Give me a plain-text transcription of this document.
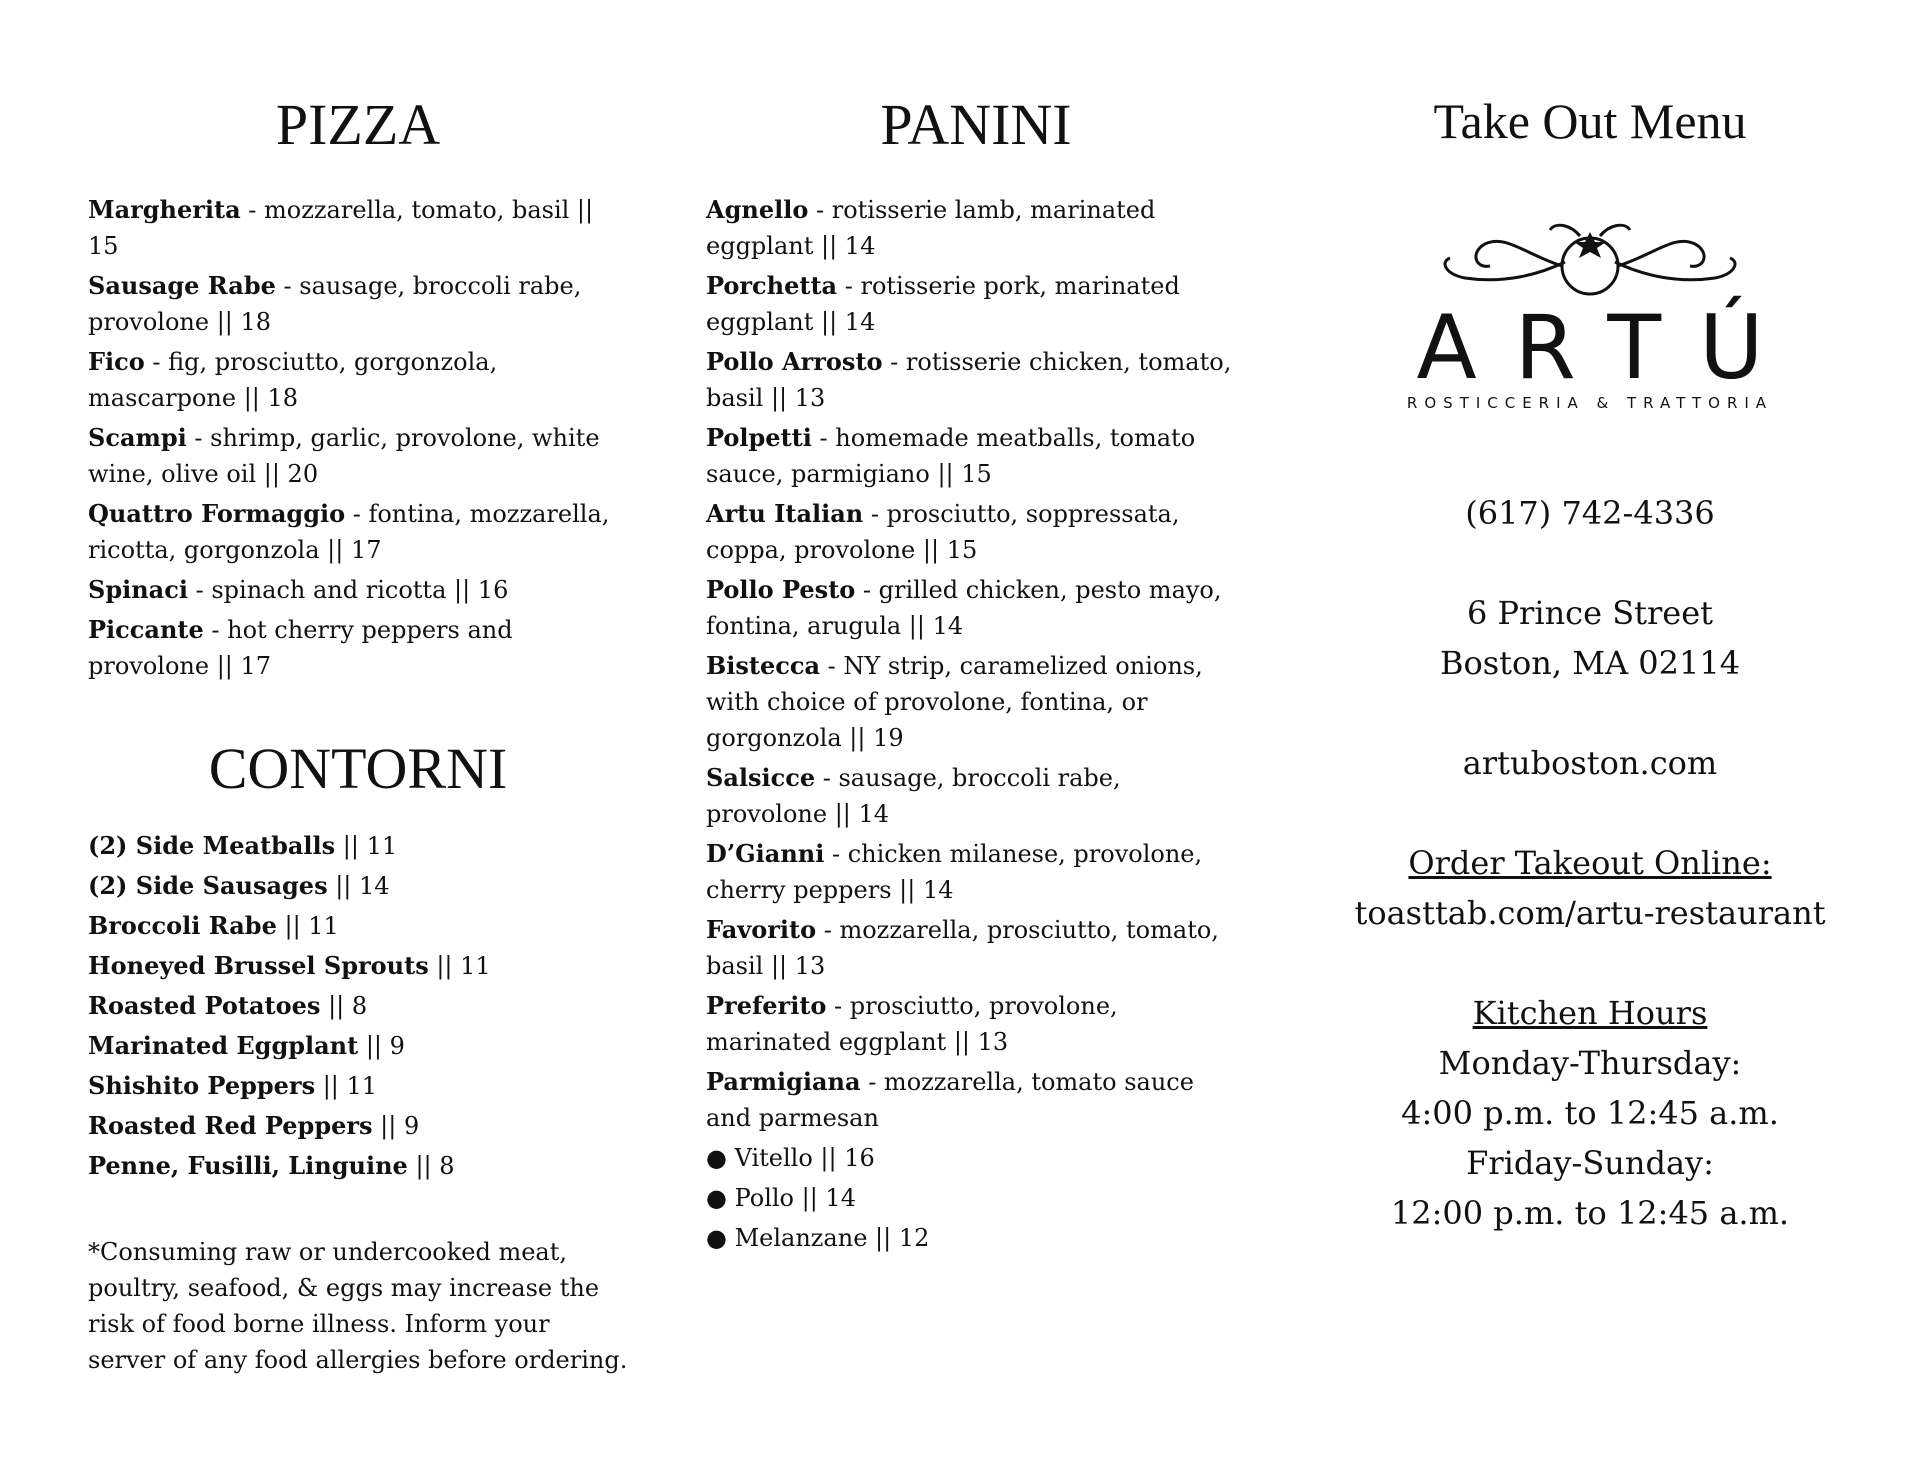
PIZZA
Margherita - mozzarella, tomato, basil || 15
Sausage Rabe - sausage, broccoli rabe, provolone || 18
Fico - fig, prosciutto, gorgonzola, mascarpone || 18
Scampi - shrimp, garlic, provolone, white wine, olive oil || 20
Quattro Formaggio - fontina, mozzarella, ricotta, gorgonzola || 17
Spinaci - spinach and ricotta || 16
Piccante - hot cherry peppers and provolone || 17
CONTORNI
(2) Side Meatballs || 11
(2) Side Sausages || 14
Broccoli Rabe || 11
Honeyed Brussel Sprouts || 11
Roasted Potatoes || 8
Marinated Eggplant || 9
Shishito Peppers || 11
Roasted Red Peppers || 9
Penne, Fusilli, Linguine || 8
*Consuming raw or undercooked meat, poultry, seafood, & eggs may increase the risk of food borne illness. Inform your server of any food allergies before ordering.
PANINI
Agnello - rotisserie lamb, marinated eggplant || 14
Porchetta - rotisserie pork, marinated eggplant || 14
Pollo Arrosto - rotisserie chicken, tomato, basil || 13
Polpetti - homemade meatballs, tomato sauce, parmigiano || 15
Artu Italian - prosciutto, soppressata, coppa, provolone || 15
Pollo Pesto - grilled chicken, pesto mayo, fontina, arugula || 14
Bistecca - NY strip, caramelized onions, with choice of provolone, fontina, or gorgonzola || 19
Salsicce - sausage, broccoli rabe, provolone || 14
D’Gianni - chicken milanese, provolone, cherry peppers || 14
Favorito - mozzarella, prosciutto, tomato, basil || 13
Preferito - prosciutto, provolone, marinated eggplant || 13
Parmigiana - mozzarella, tomato sauce and parmesan
● Vitello || 16
● Pollo || 14
● Melanzane || 12
Take Out Menu
ARTÚ
ROSTICCERIA & TRATTORIA
(617) 742-4336
6 Prince Street
Boston, MA 02114
artuboston.com
Order Takeout Online:
toasttab.com/artu-restaurant
Kitchen Hours
Monday-Thursday:
4:00 p.m. to 12:45 a.m.
Friday-Sunday:
12:00 p.m. to 12:45 a.m.
